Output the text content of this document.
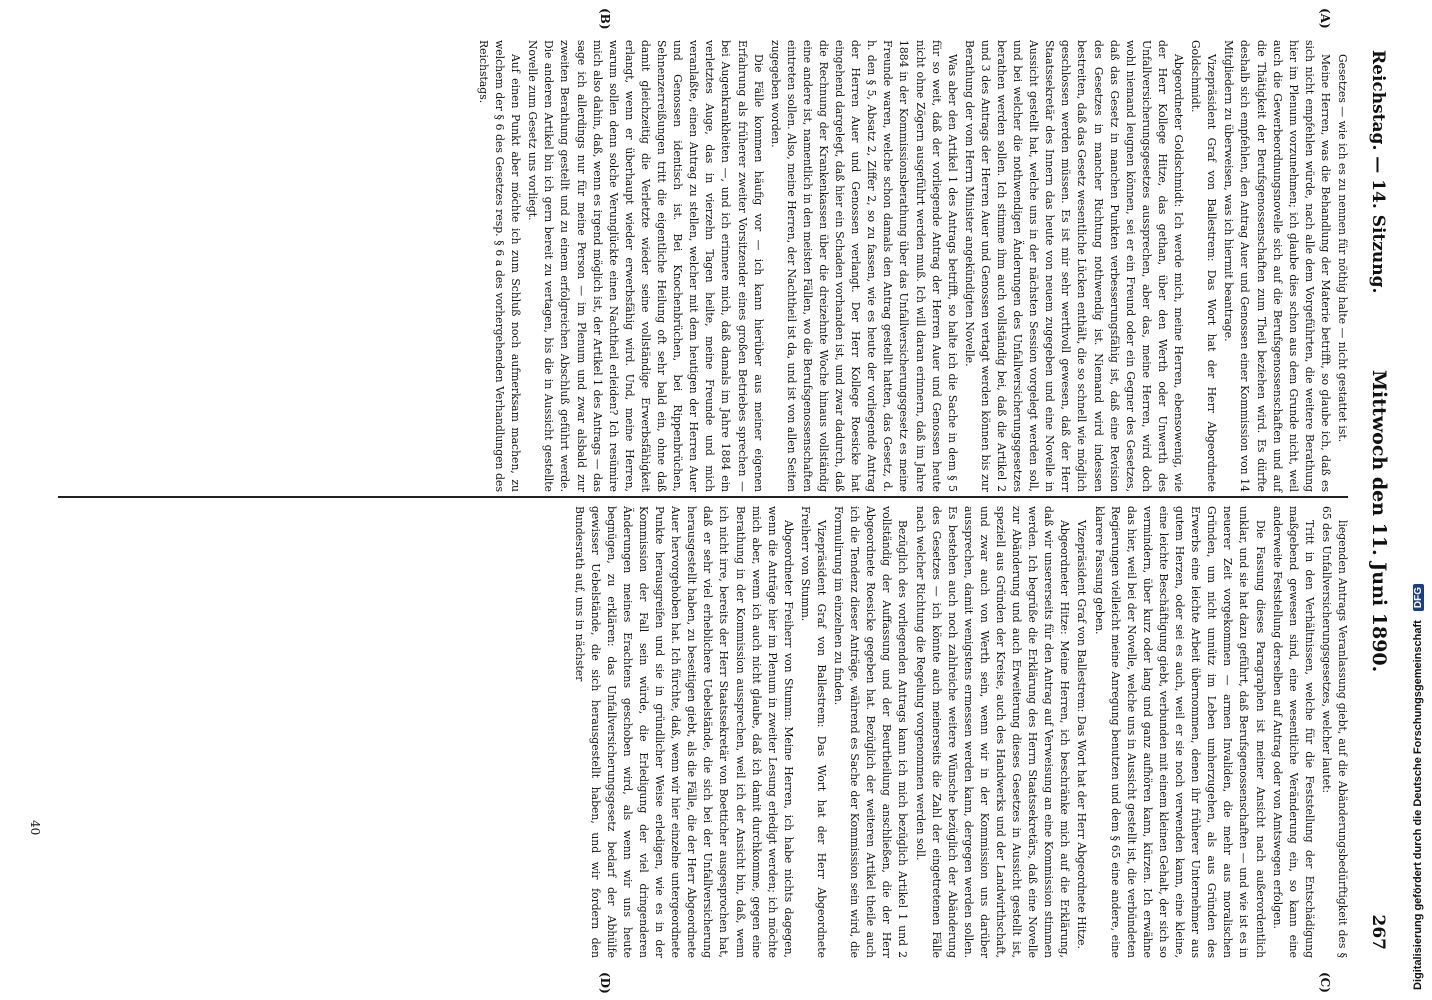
Reichstag. — 14. Sitzung.
Mittwoch den 11. Juni 1890.
267
(A)
(B)
(C)
(D)

Gesetzes — wie ich es zu nennen für nöthig halte — nicht gestattet ist.

Meine Herren, was die Behandlung der Materie betrifft, so glaube ich, daß es sich nicht empfehlen würde, nach alle dem Vorgeführten, die weitere Berathung hier im Plenum vorzunehmen; ich glaube dies schon aus dem Grunde nicht, weil auch die Gewerbeordnungsnovelle sich auf die Berufsgenossenschaften und auf die Thätigkeit der Berufsgenossenschaften zum Theil beziehen wird. Es dürfte deshalb sich empfehlen, den Antrag Auer und Genossen einer Kommission von 14 Mitgliedern zu überweisen, was ich hiermit beantrage.

Vizepräsident Graf von Ballestrem: Das Wort hat der Herr Abgeordnete Goldschmidt.

Abgeordneter Goldschmidt: Ich werde mich, meine Herren, ebensowenig, wie der Herr Kollege Hitze, das gethan, über den Werth oder Unwerth des Unfallversicherungsgesetzes aussprechen, aber das, meine Herren, wird doch wohl niemand leugnen können, sei er ein Freund oder ein Gegner des Gesetzes, daß das Gesetz in manchen Punkten verbesserungsfähig ist, daß eine Revision des Gesetzes in mancher Richtung nothwendig ist. Niemand wird indessen bestreiten, daß das Gesetz wesentliche Lücken enthält, die so schnell wie möglich geschlossen werden müssen. Es ist mir sehr werthvoll gewesen, daß der Herr Staatssekretär des Innern das heute von neuem zugegeben und eine Novelle in Aussicht gestellt hat, welche uns in der nächsten Session vorgelegt werden soll, und bei welcher die nothwendigen Änderungen des Unfallversicherungsgesetzes berathen werden sollen. Ich stimme ihm auch vollständig bei, daß die Artikel 2 und 3 des Antrags der Herren Auer und Genossen vertagt werden können bis zur Berathung der vom Herrn Minister angekündigten Novelle.

Was aber den Artikel 1 des Antrags betrifft, so halte ich die Sache in dem § 5 für so weit, daß der vorliegende Antrag der Herren Auer und Genossen heute nicht ohne Zögern ausgeführt werden muß. Ich will daran erinnern, daß im Jahre 1884 in der Kommissionsberathung über das Unfallversicherungsgesetz es meine Freunde waren, welche schon damals den Antrag gestellt hatten, das Gesetz, d. h. den § 5, Absatz 2, Ziffer 2, so zu fassen, wie es heute der vorliegende Antrag der Herren Auer und Genossen verlangt. Der Herr Kollege Roesicke hat eingehend dargelegt, daß hier ein Schaden vorhanden ist, und zwar dadurch, daß die Rechnung der Krankenkassen über die dreizehnte Woche hinaus vollständig eine andere ist, namentlich in den meisten Fällen, wo die Berufsgenossenschaften eintreten sollen. Also, meine Herren, der Nachtheil ist da, und ist von allen Seiten zugegeben worden.

Die Fälle kommen häufig vor — ich kann hierüber aus meiner eigenen Erfahrung als früherer zweiter Vorsitzender eines großen Betriebes sprechen — bei Augenkrankheiten —, und ich erinnere mich, daß damals im Jahre 1884 ein verletztes Auge, das in vierzehn Tagen heilte, meine Freunde und mich veranlaßte, einen Antrag zu stellen, welcher mit dem heutigen der Herren Auer und Genossen identisch ist. Bei Knochenbrüchen, bei Rippenbrüchen, Sehnenzerreißungen tritt die eigentliche Heilung oft sehr bald ein, ohne daß damit gleichzeitig die Verletzte wieder seine vollständige Erwerbsfähigkeit erlangt, wenn er überhaupt wieder erwerbsfähig wird. Und, meine Herren, warum sollen denn solche Verunglückte einen Nachtheil erleiden? Ich resümire mich also dahin, daß, wenn es irgend möglich ist, der Artikel 1 des Antrags — das sage ich allerdings nur für meine Person — im Plenum und zwar alsbald zur zweiten Berathung gestellt und zu einem erfolgreichen Abschluß geführt werde. Die anderen Artikel bin ich gern bereit zu vertagen, bis die in Aussicht gestellte Novelle zum Gesetz uns vorliegt.

Auf einen Punkt aber möchte ich zum Schluß noch aufmerksam machen, zu welchem der § 6 des Gesetzes resp. § 6 a des vorhergehenden Verhandlungen des Reichstags.

liegenden Antrags Veranlassung giebt, auf die Abänderungsbedürftigkeit des § 65 des Unfallversicherungsgesetzes, welcher lautet:

Tritt in den Verhältnissen, welche für die Feststellung der Entschädigung maßgebend gewesen sind, eine wesentliche Veränderung ein, so kann eine anderweite Feststellung derselben auf Antrag oder von Amtswegen erfolgen.

Die Fassung dieses Paragraphen ist meiner Ansicht nach außerordentlich unklar, und sie hat dazu geführt, daß Berufsgenossenschaften — und wie ist es in neuerer Zeit vorgekommen — armen Invaliden, die mehr aus moralischen Gründen, um nicht unnütz im Leben umherzugehen, als aus Gründen des Erwerbs eine leichte Arbeit übernommen, denen ihr früherer Unternehmer aus gutem Herzen, oder sei es auch, weil er sie noch verwenden kann, eine kleine, eine leichte Beschäftigung giebt, verbunden mit einem kleinen Gehalt, der sich so vermindern, über kurz oder lang und ganz aufhören kann, kürzen. Ich erwähne das hier, weil bei der Novelle, welche uns in Aussicht gestellt ist, die verbündeten Regierungen vielleicht meine Anregung benutzen und dem § 65 eine andere, eine klarere Fassung geben.

Vizepräsident Graf von Ballestrem: Das Wort hat der Herr Abgeordnete Hitze.

Abgeordneter Hitze: Meine Herren, ich beschränke mich auf die Erklärung, daß wir unsererseits für den Antrag auf Verweisung an eine Kommission stimmen werden. Ich begrüße die Erklärung des Herrn Staatssekretärs, daß eine Novelle zur Abänderung und auch Erweiterung dieses Gesetzes in Aussicht gestellt ist, speziell aus Gründen der Kreise, auch des Handwerks und der Landwirthschaft, und zwar auch von Werth sein, wenn wir in der Kommission uns darüber aussprechen, damit wenigstens ermessen werden kann, dergegen werden sollen. Es bestehen auch noch zahlreiche weitere Wünsche bezüglich der Abänderung des Gesetzes — ich könnte auch meinerseits die Zahl der eingetretenen Fälle nach welcher Richtung die Regelung vorgenommen werden soll.

Bezüglich des vorliegenden Antrags kann ich mich bezüglich Artikel 1 und 2 vollständig der Auffassung und der Beurtheilung anschließen, die der Herr Abgeordnete Roesicke gegeben hat. Bezüglich der weiteren Artikel theile auch ich die Tendenz dieser Anträge, während es Sache der Kommission sein wird, die Formulirung im einzelnen zu finden.

Vizepräsident Graf von Ballestrem: Das Wort hat der Herr Abgeordnete Freiherr von Stumm.

Abgeordneter Freiherr von Stumm: Meine Herren, ich habe nichts dagegen, wenn die Anträge hier im Plenum in zweiter Lesung erledigt werden; ich möchte mich aber, wenn ich auch nicht glaube, daß ich damit durchkomme, gegen eine Berathung in der Kommission aussprechen, weil ich der Ansicht bin, daß, wenn ich nicht irre, bereits der Herr Staatssekretär von Boetticher ausgesprochen hat, daß er sehr viel erheblichere Uebelstände, die sich bei der Unfallversicherung herausgestellt haben, zu beseitigen giebt, als die Fälle, die der Herr Abgeordnete Auer hervorgehoben hat. Ich fürchte, daß, wenn wir hier einzelne untergeordnete Punkte herausgreifen und sie in gründlicher Weise erledigen, wie es in der Kommission der Fall sein würde, die Erledigung der viel dringenderen Änderungen meines Erachtens geschoben wird, als wenn wir uns heute begnügen, zu erklären: das Unfallversicherungsgesetz bedarf der Abhülfe gewisser Uebelstände, die sich herausgestellt haben, und wir fordern den Bundesrath auf, uns in nächster

40	Digitalisierung gefördert durch die Deutsche Forschungsgemeinschaft DFG
